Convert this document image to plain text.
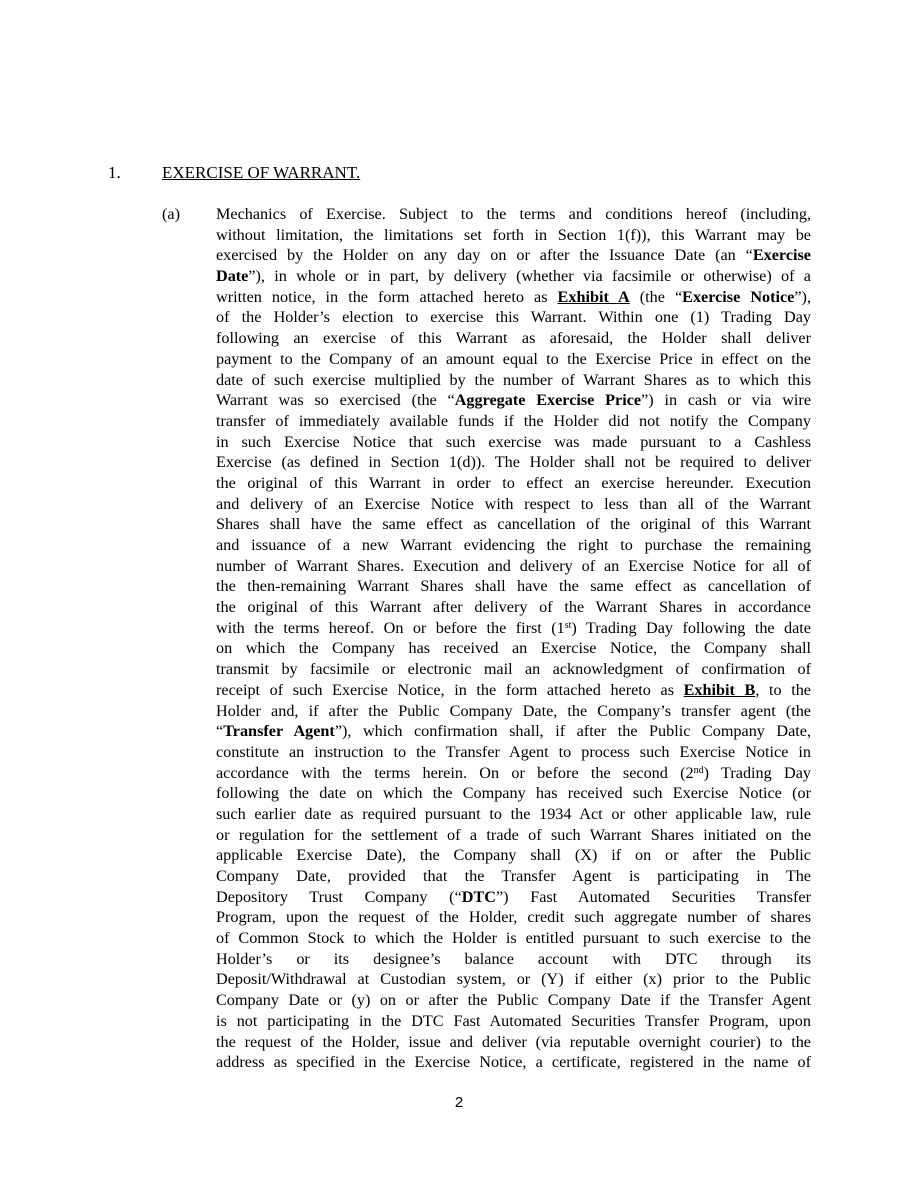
1. EXERCISE OF WARRANT.
(a) Mechanics of Exercise. Subject to the terms and conditions hereof (including,
without limitation, the limitations set forth in Section 1(f)), this Warrant may be
exercised by the Holder on any day on or after the Issuance Date (an “Exercise
Date”), in whole or in part, by delivery (whether via facsimile or otherwise) of a
written notice, in the form attached hereto as Exhibit A (the “Exercise Notice”),
of the Holder’s election to exercise this Warrant. Within one (1) Trading Day
following an exercise of this Warrant as aforesaid, the Holder shall deliver
payment to the Company of an amount equal to the Exercise Price in effect on the
date of such exercise multiplied by the number of Warrant Shares as to which this
Warrant was so exercised (the “Aggregate Exercise Price”) in cash or via wire
transfer of immediately available funds if the Holder did not notify the Company
in such Exercise Notice that such exercise was made pursuant to a Cashless
Exercise (as defined in Section 1(d)). The Holder shall not be required to deliver
the original of this Warrant in order to effect an exercise hereunder. Execution
and delivery of an Exercise Notice with respect to less than all of the Warrant
Shares shall have the same effect as cancellation of the original of this Warrant
and issuance of a new Warrant evidencing the right to purchase the remaining
number of Warrant Shares. Execution and delivery of an Exercise Notice for all of
the then-remaining Warrant Shares shall have the same effect as cancellation of
the original of this Warrant after delivery of the Warrant Shares in accordance
with the terms hereof. On or before the first (1st) Trading Day following the date
on which the Company has received an Exercise Notice, the Company shall
transmit by facsimile or electronic mail an acknowledgment of confirmation of
receipt of such Exercise Notice, in the form attached hereto as Exhibit B, to the
Holder and, if after the Public Company Date, the Company’s transfer agent (the
“Transfer Agent”), which confirmation shall, if after the Public Company Date,
constitute an instruction to the Transfer Agent to process such Exercise Notice in
accordance with the terms herein. On or before the second (2nd) Trading Day
following the date on which the Company has received such Exercise Notice (or
such earlier date as required pursuant to the 1934 Act or other applicable law, rule
or regulation for the settlement of a trade of such Warrant Shares initiated on the
applicable Exercise Date), the Company shall (X) if on or after the Public
Company Date, provided that the Transfer Agent is participating in The
Depository Trust Company (“DTC”) Fast Automated Securities Transfer
Program, upon the request of the Holder, credit such aggregate number of shares
of Common Stock to which the Holder is entitled pursuant to such exercise to the
Holder’s or its designee’s balance account with DTC through its
Deposit/Withdrawal at Custodian system, or (Y) if either (x) prior to the Public
Company Date or (y) on or after the Public Company Date if the Transfer Agent
is not participating in the DTC Fast Automated Securities Transfer Program, upon
the request of the Holder, issue and deliver (via reputable overnight courier) to the
address as specified in the Exercise Notice, a certificate, registered in the name of
2
